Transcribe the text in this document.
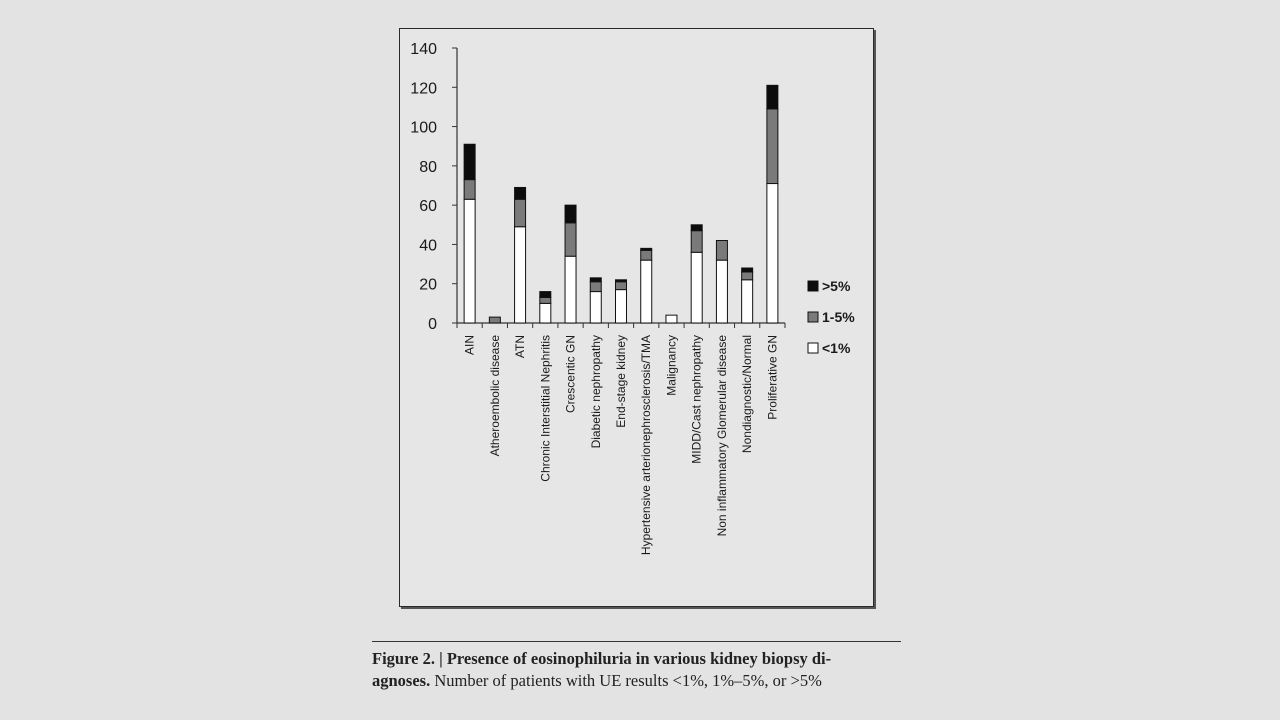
0
20
40
60
80
100
120
140
AIN Atheroembolic disease ATN Chronic Interstitial Nephritis Crescentic GN Diabetic nephropathy End-stage kidney Hypertensive arterionephrosclerosis/TMA Malignancy MIDD/Cast nephropathy Non inflammatory Glomerular disease Nondiagnostic/Normal Proliferative GN
>5%
1-5%
<1%
Figure 2. | Presence of eosinophiluria in various kidney biopsy di-
agnoses. Number of patients with UE results <1%, 1%–5%, or >5%
